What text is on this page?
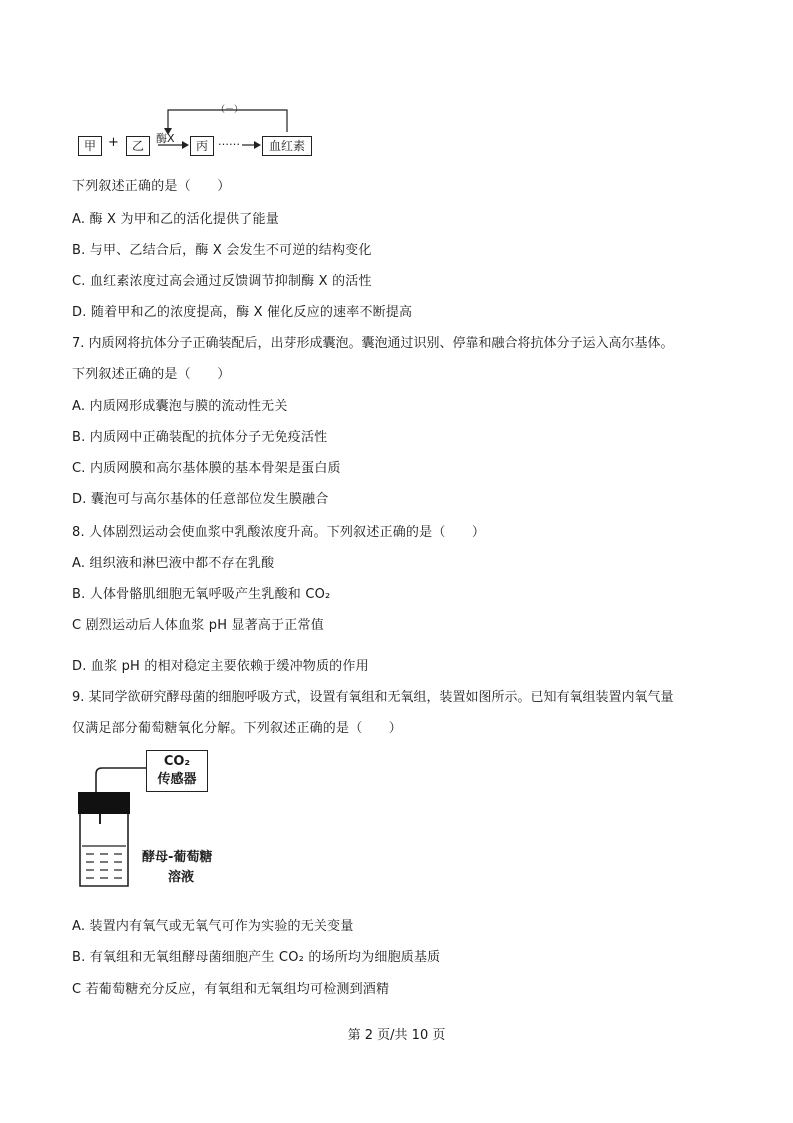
甲 +	乙
酶X
丙 ……	血红素
（－）
下列叙述正确的是（　　）
A. 酶 X 为甲和乙的活化提供了能量
B. 与甲、乙结合后，酶 X 会发生不可逆的结构变化
C. 血红素浓度过高会通过反馈调节抑制酶 X 的活性
D. 随着甲和乙的浓度提高，酶 X 催化反应的速率不断提高
7. 内质网将抗体分子正确装配后，出芽形成囊泡。囊泡通过识别、停靠和融合将抗体分子运入高尔基体。
下列叙述正确的是（　　）
A. 内质网形成囊泡与膜的流动性无关
B. 内质网中正确装配的抗体分子无免疫活性
C. 内质网膜和高尔基体膜的基本骨架是蛋白质
D. 囊泡可与高尔基体的任意部位发生膜融合
8. 人体剧烈运动会使血浆中乳酸浓度升高。下列叙述正确的是（　　）
A. 组织液和淋巴液中都不存在乳酸
B. 人体骨骼肌细胞无氧呼吸产生乳酸和 CO₂
C 剧烈运动后人体血浆 pH 显著高于正常值
D. 血浆 pH 的相对稳定主要依赖于缓冲物质的作用
9. 某同学欲研究酵母菌的细胞呼吸方式，设置有氧组和无氧组，装置如图所示。已知有氧组装置内氧气量
仅满足部分葡萄糖氧化分解。下列叙述正确的是（　　）
CO₂
传感器
酵母-葡萄糖
溶液
A. 装置内有氧气或无氧气可作为实验的无关变量
B. 有氧组和无氧组酵母菌细胞产生 CO₂ 的场所均为细胞质基质
C 若葡萄糖充分反应，有氧组和无氧组均可检测到酒精
第 2 页/共 10 页
